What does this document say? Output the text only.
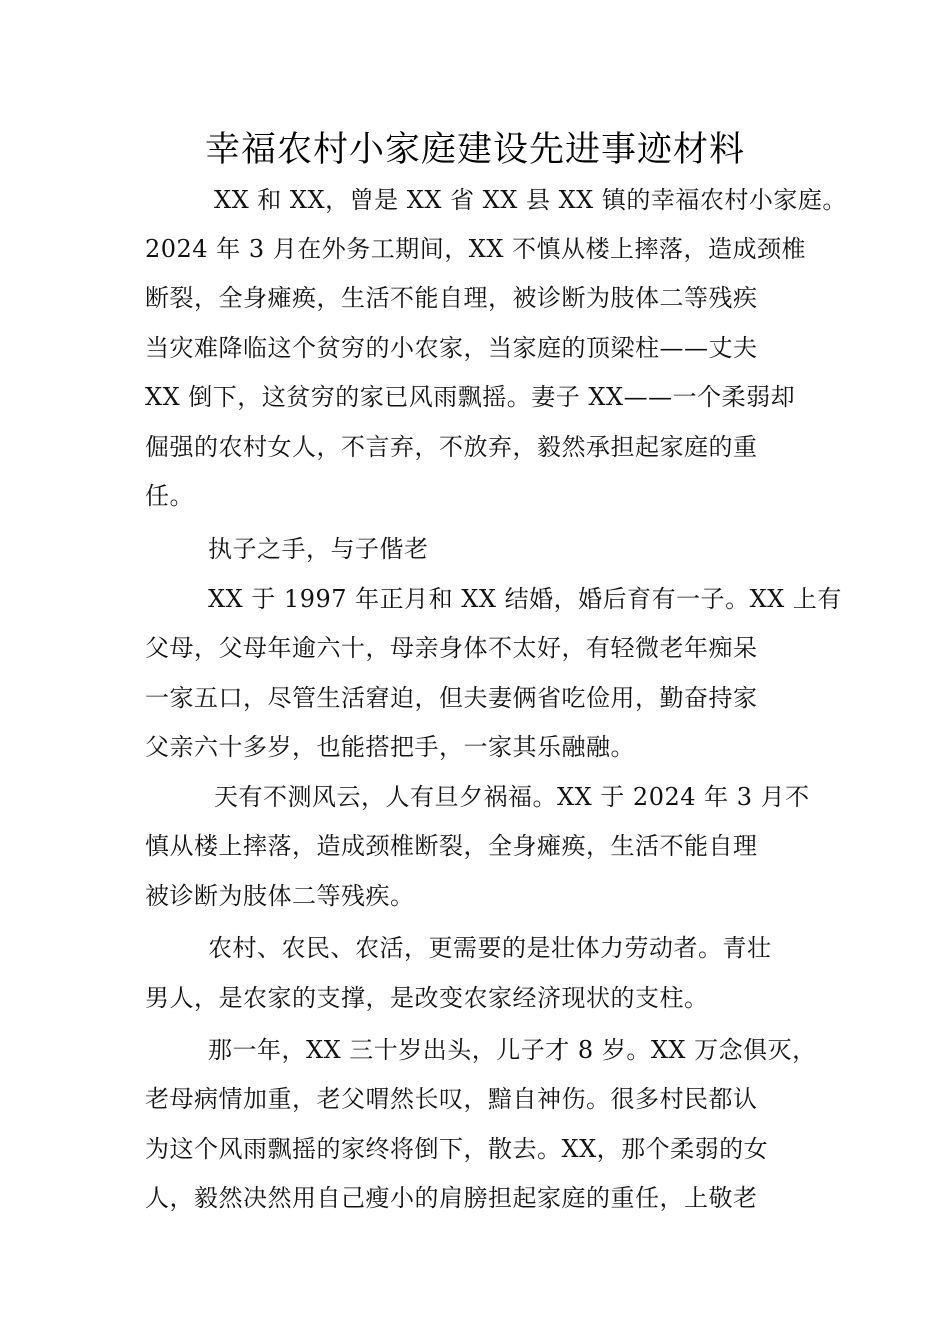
幸福农村小家庭建设先进事迹材料
XX 和 XX，曾是 XX 省 XX 县 XX 镇的幸福农村小家庭。
2024 年 3 月在外务工期间，XX 不慎从楼上摔落，造成颈椎
断裂，全身瘫痪，生活不能自理，被诊断为肢体二等残疾
当灾难降临这个贫穷的小农家，当家庭的顶梁柱——丈夫
XX 倒下，这贫穷的家已风雨飘摇。妻子 XX——一个柔弱却
倔强的农村女人，不言弃，不放弃，毅然承担起家庭的重
任。
执子之手，与子偕老
XX 于 1997 年正月和 XX 结婚，婚后育有一子。XX 上有
父母，父母年逾六十，母亲身体不太好，有轻微老年痴呆
一家五口，尽管生活窘迫，但夫妻俩省吃俭用，勤奋持家
父亲六十多岁，也能搭把手，一家其乐融融。
天有不测风云，人有旦夕祸福。XX 于 2024 年 3 月不
慎从楼上摔落，造成颈椎断裂，全身瘫痪，生活不能自理
被诊断为肢体二等残疾。
农村、农民、农活，更需要的是壮体力劳动者。青壮
男人，是农家的支撑，是改变农家经济现状的支柱。
那一年，XX 三十岁出头，儿子才 8 岁。XX 万念俱灭，
老母病情加重，老父喟然长叹，黯自神伤。很多村民都认
为这个风雨飘摇的家终将倒下，散去。XX，那个柔弱的女
人，毅然决然用自己瘦小的肩膀担起家庭的重任，上敬老
